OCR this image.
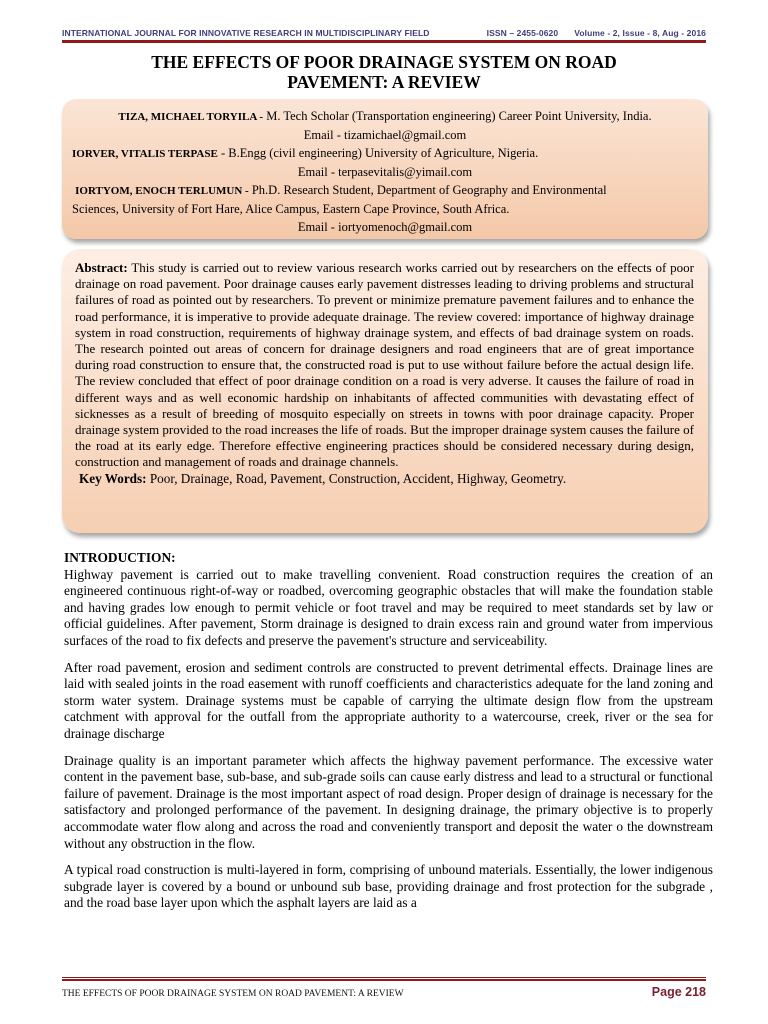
INTERNATIONAL JOURNAL FOR INNOVATIVE RESEARCH IN MULTIDISCIPLINARY FIELD	ISSN – 2455-0620 Volume - 2, Issue - 8, Aug - 2016
THE EFFECTS OF POOR DRAINAGE SYSTEM ON ROAD
PAVEMENT: A REVIEW
TIZA, MICHAEL TORYILA - M. Tech Scholar (Transportation engineering) Career Point University, India.
Email - tizamichael@gmail.com
IORVER, VITALIS TERPASE - B.Engg (civil engineering) University of Agriculture, Nigeria.
Email - terpasevitalis@yimail.com
IORTYOM, ENOCH TERLUMUN - Ph.D. Research Student, Department of Geography and Environmental
Sciences, University of Fort Hare, Alice Campus, Eastern Cape Province, South Africa.
Email - iortyomenoch@gmail.com
Abstract: This study is carried out to review various research works carried out by researchers on the effects of poor drainage on road pavement. Poor drainage causes early pavement distresses leading to driving problems and structural failures of road as pointed out by researchers. To prevent or minimize premature pavement failures and to enhance the road performance, it is imperative to provide adequate drainage. The review covered: importance of highway drainage system in road construction, requirements of highway drainage system, and effects of bad drainage system on roads. The research pointed out areas of concern for drainage designers and road engineers that are of great importance during road construction to ensure that, the constructed road is put to use without failure before the actual design life. The review concluded that effect of poor drainage condition on a road is very adverse. It causes the failure of road in different ways and as well economic hardship on inhabitants of affected communities with devastating effect of sicknesses as a result of breeding of mosquito especially on streets in towns with poor drainage capacity. Proper drainage system provided to the road increases the life of roads. But the improper drainage system causes the failure of the road at its early edge. Therefore effective engineering practices should be considered necessary during design, construction and management of roads and drainage channels.
Key Words: Poor, Drainage, Road, Pavement, Construction, Accident, Highway, Geometry.
INTRODUCTION:

Highway pavement is carried out to make travelling convenient. Road construction requires the creation of an engineered continuous right-of-way or roadbed, overcoming geographic obstacles that will make the foundation stable and having grades low enough to permit vehicle or foot travel and may be required to meet standards set by law or official guidelines. After pavement, Storm drainage is designed to drain excess rain and ground water from impervious surfaces of the road to fix defects and preserve the pavement's structure and serviceability.

After road pavement, erosion and sediment controls are constructed to prevent detrimental effects. Drainage lines are laid with sealed joints in the road easement with runoff coefficients and characteristics adequate for the land zoning and storm water system. Drainage systems must be capable of carrying the ultimate design flow from the upstream catchment with approval for the outfall from the appropriate authority to a watercourse, creek, river or the sea for drainage discharge

Drainage quality is an important parameter which affects the highway pavement performance. The excessive water content in the pavement base, sub-base, and sub-grade soils can cause early distress and lead to a structural or functional failure of pavement. Drainage is the most important aspect of road design. Proper design of drainage is necessary for the satisfactory and prolonged performance of the pavement. In designing drainage, the primary objective is to properly accommodate water flow along and across the road and conveniently transport and deposit the water o the downstream without any obstruction in the flow.

A typical road construction is multi-layered in form, comprising of unbound materials. Essentially, the lower indigenous subgrade layer is covered by a bound or unbound sub base, providing drainage and frost protection for the subgrade , and the road base layer upon which the asphalt layers are laid as a

THE EFFECTS OF POOR DRAINAGE SYSTEM ON ROAD PAVEMENT: A REVIEW	Page 218
